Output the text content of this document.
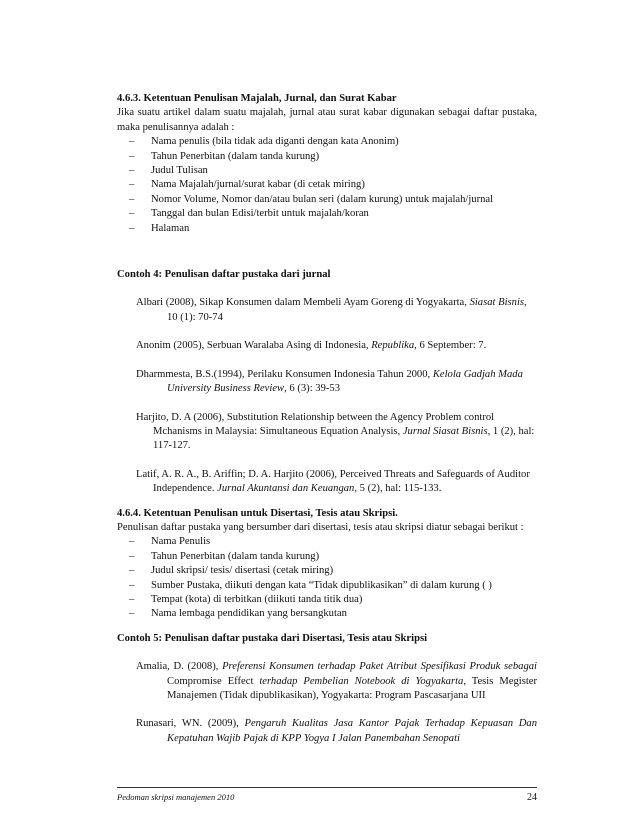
4.6.3. Ketentuan Penulisan Majalah, Jurnal, dan Surat Kabar
Jika suatu artikel dalam suatu majalah, jurnal atau surat kabar digunakan sebagai daftar pustaka, maka penulisannya adalah :
– Nama penulis (bila tidak ada diganti dengan kata Anonim)
– Tahun Penerbitan (dalam tanda kurung)
– Judul Tulisan
– Nama Majalah/jurnal/surat kabar (di cetak miring)
– Nomor Volume, Nomor dan/atau bulan seri (dalam kurung) untuk majalah/jurnal
– Tanggal dan bulan Edisi/terbit untuk majalah/koran
– Halaman
Contoh 4: Penulisan daftar pustaka dari jurnal
Albari (2008), Sikap Konsumen dalam Membeli Ayam Goreng di Yogyakarta, Siasat Bisnis, 10 (1): 70-74
Anonim (2005), Serbuan Waralaba Asing di Indonesia, Republika, 6 September: 7.
Dharmmesta, B.S.(1994), Perilaku Konsumen Indonesia Tahun 2000, Kelola Gadjah Mada University Business Review, 6 (3): 39-53
Harjito, D. A (2006), Substitution Relationship between the Agency Problem control Mchanisms in Malaysia: Simultaneous Equation Analysis, Jurnal Siasat Bisnis, 1 (2), hal: 117-127.
Latif, A. R. A., B. Ariffin; D. A. Harjito (2006), Perceived Threats and Safeguards of Auditor Independence. Jurnal Akuntansi dan Keuangan, 5 (2), hal: 115-133.
4.6.4. Ketentuan Penulisan untuk Disertasi, Tesis atau Skripsi.
Penulisan daftar pustaka yang bersumber dari disertasi, tesis atau skripsi diatur sebagai berikut :
– Nama Penulis
– Tahun Penerbitan (dalam tanda kurung)
– Judul skripsi/ tesis/ disertasi (cetak miring)
– Sumber Pustaka, diikuti dengan kata “Tidak dipublikasikan” di dalam kurung ( )
– Tempat (kota) di terbitkan (diikuti tanda titik dua)
– Nama lembaga pendidikan yang bersangkutan
Contoh 5: Penulisan daftar pustaka dari Disertasi, Tesis atau Skripsi
Amalia, D. (2008), Preferensi Konsumen terhadap Paket Atribut Spesifikasi Produk sebagai Compromise Effect terhadap Pembelian Notebook di Yogyakarta, Tesis Megister Manajemen (Tidak dipublikasikan), Yogyakarta: Program Pascasarjana UII
Runasari, WN. (2009), Pengaruh Kualitas Jasa Kantor Pajak Terhadap Kepuasan Dan Kepatuhan Wajib Pajak di KPP Yogya I Jalan Panembahan Senopati
Pedoman skripsi manajemen 2010	24
